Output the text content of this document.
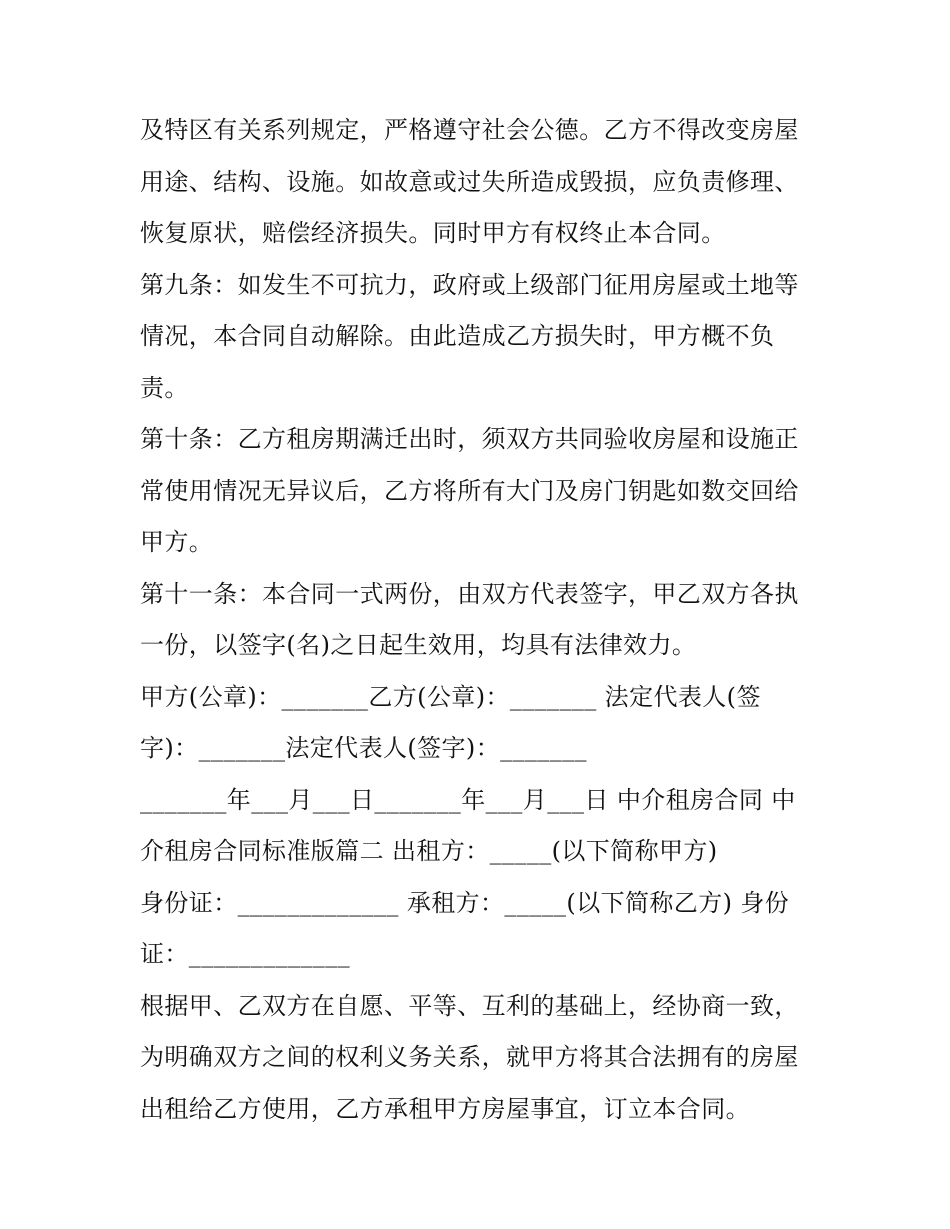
及特区有关系列规定，严格遵守社会公德。乙方不得改变房屋
用途、结构、设施。如故意或过失所造成毁损，应负责修理、
恢复原状，赔偿经济损失。同时甲方有权终止本合同。
第九条：如发生不可抗力，政府或上级部门征用房屋或土地等
情况，本合同自动解除。由此造成乙方损失时，甲方概不负
责。
第十条：乙方租房期满迁出时，须双方共同验收房屋和设施正
常使用情况无异议后，乙方将所有大门及房门钥匙如数交回给
甲方。
第十一条：本合同一式两份，由双方代表签字，甲乙双方各执
一份，以签字(名)之日起生效用，均具有法律效力。
甲方(公章)：_______乙方(公章)：_______ 法定代表人(签
字)：_______法定代表人(签字)：_______
_______年___月___日_______年___月___日 中介租房合同 中
介租房合同标准版篇二 出租方：_____(以下简称甲方)
身份证：_____________ 承租方：_____(以下简称乙方) 身份
证：_____________
根据甲、乙双方在自愿、平等、互利的基础上，经协商一致，
为明确双方之间的权利义务关系，就甲方将其合法拥有的房屋
出租给乙方使用，乙方承租甲方房屋事宜，订立本合同。
